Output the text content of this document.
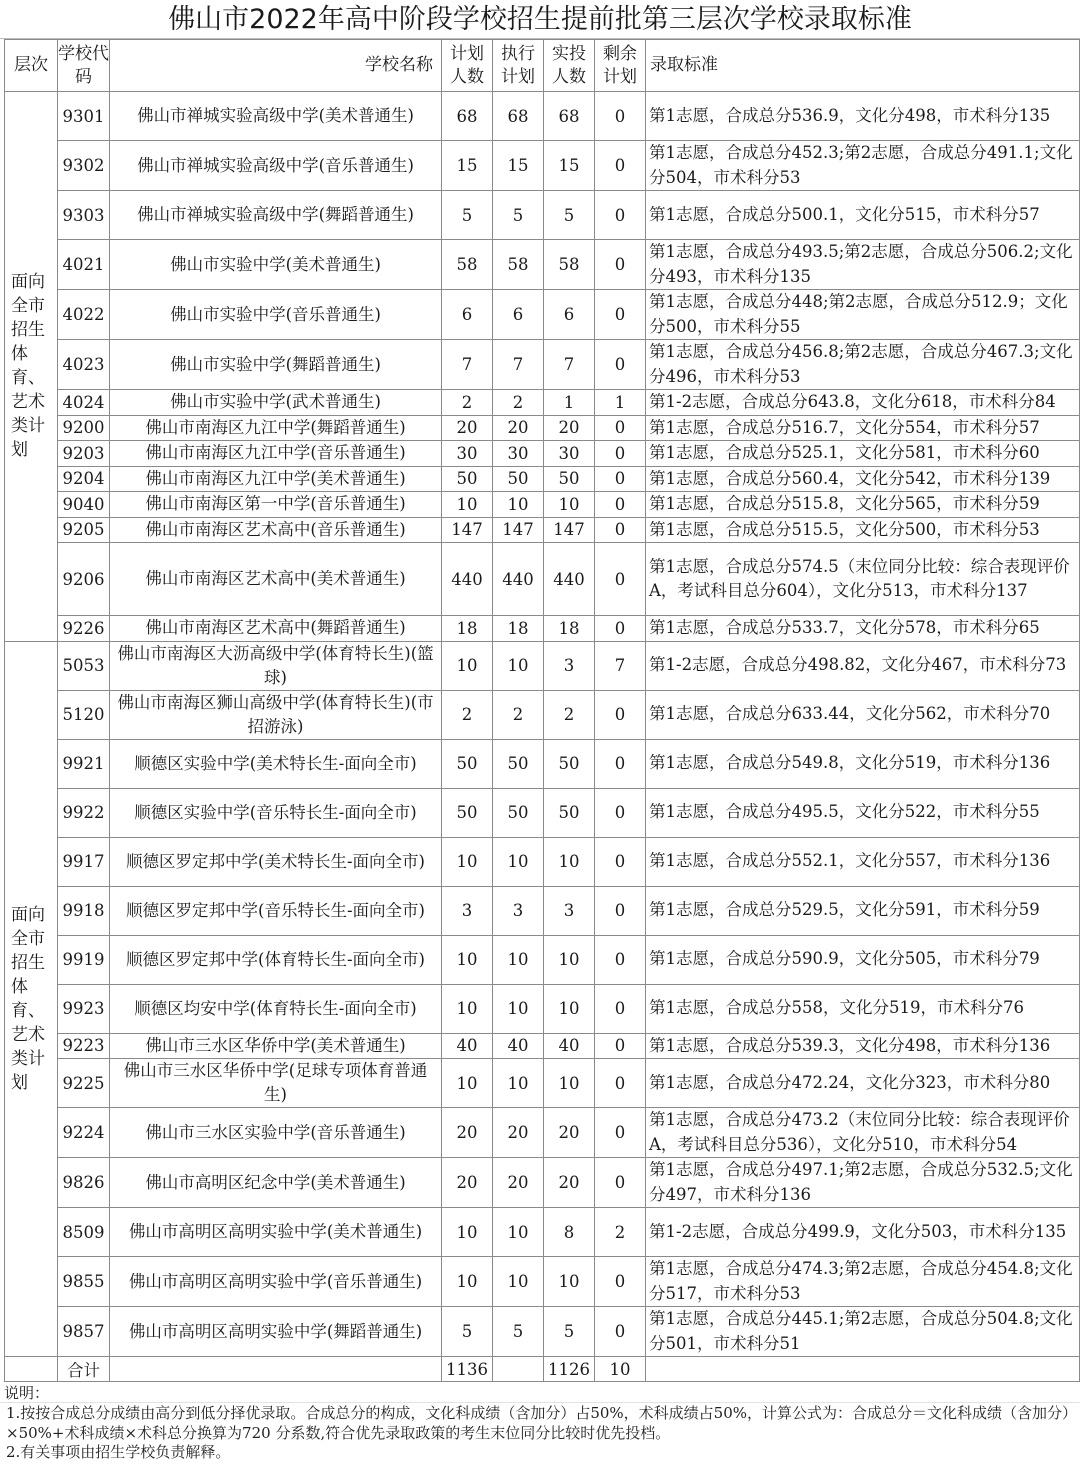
佛山市2022年高中阶段学校招生提前批第三层次学校录取标准
层次	学校代码	学校名称	计划人数	执行计划	实投人数	剩余计划	录取标准

面向全市招生体育、艺术类计划	9301	佛山市禅城实验高级中学(美术普通生)	68	68	68	0	第1志愿，合成总分536.9，文化分498，市术科分135
	9302	佛山市禅城实验高级中学(音乐普通生)	15	15	15	0	第1志愿，合成总分452.3;第2志愿，合成总分491.1;文化分504，市术科分53
	9303	佛山市禅城实验高级中学(舞蹈普通生)	5	5	5	0	第1志愿，合成总分500.1，文化分515，市术科分57
	4021	佛山市实验中学(美术普通生)	58	58	58	0	第1志愿，合成总分493.5;第2志愿，合成总分506.2;文化分493，市术科分135
	4022	佛山市实验中学(音乐普通生)	6	6	6	0	第1志愿，合成总分448;第2志愿，合成总分512.9；文化分500，市术科分55
	4023	佛山市实验中学(舞蹈普通生)	7	7	7	0	第1志愿，合成总分456.8;第2志愿，合成总分467.3;文化分496，市术科分53
	4024	佛山市实验中学(武术普通生)	2	2	1	1	第1-2志愿，合成总分643.8，文化分618，市术科分84
	9200	佛山市南海区九江中学(舞蹈普通生)	20	20	20	0	第1志愿，合成总分516.7，文化分554，市术科分57
	9203	佛山市南海区九江中学(音乐普通生)	30	30	30	0	第1志愿，合成总分525.1，文化分581，市术科分60
	9204	佛山市南海区九江中学(美术普通生)	50	50	50	0	第1志愿，合成总分560.4，文化分542，市术科分139
	9040	佛山市南海区第一中学(音乐普通生)	10	10	10	0	第1志愿，合成总分515.8，文化分565，市术科分59
	9205	佛山市南海区艺术高中(音乐普通生)	147	147	147	0	第1志愿，合成总分515.5，文化分500，市术科分53
	9206	佛山市南海区艺术高中(美术普通生)	440	440	440	0	第1志愿，合成总分574.5（末位同分比较：综合表现评价A，考试科目总分604），文化分513，市术科分137
	9226	佛山市南海区艺术高中(舞蹈普通生)	18	18	18	0	第1志愿，合成总分533.7，文化分578，市术科分65

面向全市招生体育、艺术类计划	5053	佛山市南海区大沥高级中学(体育特长生)(篮球)	10	10	3	7	第1-2志愿，合成总分498.82，文化分467，市术科分73
	5120	佛山市南海区狮山高级中学(体育特长生)(市招游泳)	2	2	2	0	第1志愿，合成总分633.44，文化分562，市术科分70
	9921	顺德区实验中学(美术特长生-面向全市)	50	50	50	0	第1志愿，合成总分549.8，文化分519，市术科分136
	9922	顺德区实验中学(音乐特长生-面向全市)	50	50	50	0	第1志愿，合成总分495.5，文化分522，市术科分55
	9917	顺德区罗定邦中学(美术特长生-面向全市)	10	10	10	0	第1志愿，合成总分552.1，文化分557，市术科分136
	9918	顺德区罗定邦中学(音乐特长生-面向全市)	3	3	3	0	第1志愿，合成总分529.5，文化分591，市术科分59
	9919	顺德区罗定邦中学(体育特长生-面向全市)	10	10	10	0	第1志愿，合成总分590.9，文化分505，市术科分79
	9923	顺德区均安中学(体育特长生-面向全市)	10	10	10	0	第1志愿，合成总分558，文化分519，市术科分76
	9223	佛山市三水区华侨中学(美术普通生)	40	40	40	0	第1志愿，合成总分539.3，文化分498，市术科分136
	9225	佛山市三水区华侨中学(足球专项体育普通生)	10	10	10	0	第1志愿，合成总分472.24，文化分323，市术科分80
	9224	佛山市三水区实验中学(音乐普通生)	20	20	20	0	第1志愿，合成总分473.2（末位同分比较：综合表现评价A，考试科目总分536），文化分510，市术科分54
	9826	佛山市高明区纪念中学(美术普通生)	20	20	20	0	第1志愿，合成总分497.1;第2志愿，合成总分532.5;文化分497，市术科分136
	8509	佛山市高明区高明实验中学(美术普通生)	10	10	8	2	第1-2志愿，合成总分499.9，文化分503，市术科分135
	9855	佛山市高明区高明实验中学(音乐普通生)	10	10	10	0	第1志愿，合成总分474.3;第2志愿，合成总分454.8;文化分517，市术科分53
	9857	佛山市高明区高明实验中学(舞蹈普通生)	5	5	5	0	第1志愿，合成总分445.1;第2志愿，合成总分504.8;文化分501，市术科分51
	合计		1136		1126	10	
说明：
1.按按合成总分成绩由高分到低分择优录取。合成总分的构成，文化科成绩（含加分）占50%，术科成绩占50%，计算公式为：合成总分＝文化科成绩（含加分）×50%+术科成绩×术科总分换算为720 分系数,符合优先录取政策的考生末位同分比较时优先投档。
2.有关事项由招生学校负责解释。
